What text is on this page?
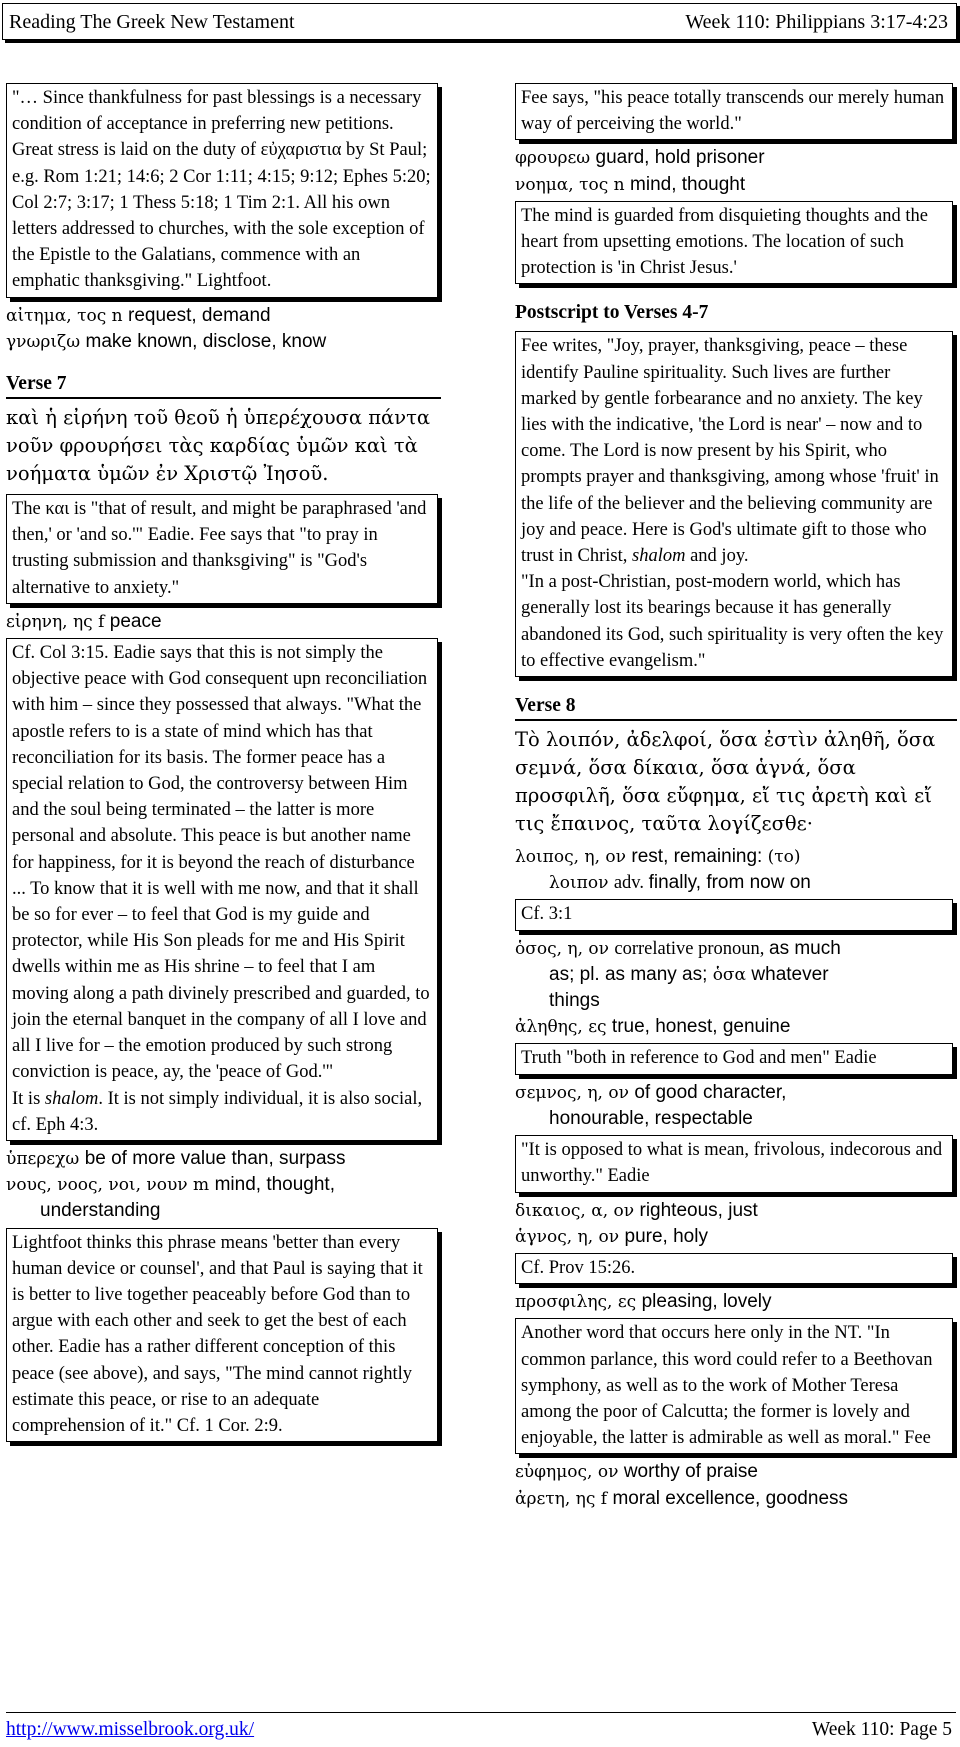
Reading The Greek New Testament	Week 110: Philippians 3:17-4:23
"… Since thankfulness for past blessings is a necessary condition of acceptance in preferring new petitions. Great stress is laid on the duty of εὐχαριστια by St Paul; e.g. Rom 1:21; 14:6; 2 Cor 1:11; 4:15; 9:12; Ephes 5:20; Col 2:7; 3:17; 1 Thess 5:18; 1 Tim 2:1. All his own letters addressed to churches, with the sole exception of the Epistle to the Galatians, commence with an emphatic thanksgiving." Lightfoot.
αἰτημα, τος n request, demand
γνωριζω make known, disclose, know
Verse 7
καὶ ἡ εἰρήνη τοῦ θεοῦ ἡ ὑπερέχουσα πάντα νοῦν φρουρήσει τὰς καρδίας ὑμῶν καὶ τὰ νοήματα ὑμῶν ἐν Χριστῷ Ἰησοῦ.
The και is "that of result, and might be paraphrased 'and then,' or 'and so.'" Eadie. Fee says that "to pray in trusting submission and thanksgiving" is "God's alternative to anxiety."
εἰρηνη, ης f peace
Cf. Col 3:15. Eadie says that this is not simply the objective peace with God consequent upn reconciliation with him – since they possessed that always. "What the apostle refers to is a state of mind which has that reconciliation for its basis. The former peace has a special relation to God, the controversy between Him and the soul being terminated – the latter is more personal and absolute. This peace is but another name for happiness, for it is beyond the reach of disturbance ... To know that it is well with me now, and that it shall be so for ever – to feel that God is my guide and protector, while His Son pleads for me and His Spirit dwells within me as His shrine – to feel that I am moving along a path divinely prescribed and guarded, to join the eternal banquet in the company of all I love and all I live for – the emotion produced by such strong conviction is peace, ay, the 'peace of God.'"
It is shalom. It is not simply individual, it is also social, cf. Eph 4:3.
ὑπερεχω be of more value than, surpass
νους, νοος, νοι, νουν m mind, thought,
understanding
Lightfoot thinks this phrase means 'better than every human device or counsel', and that Paul is saying that it is better to live together peaceably before God than to argue with each other and seek to get the best of each other. Eadie has a rather different conception of this peace (see above), and says, "The mind cannot rightly estimate this peace, or rise to an adequate comprehension of it." Cf. 1 Cor. 2:9.
Fee says, "his peace totally transcends our merely human way of perceiving the world."
φρουρεω guard, hold prisoner
νοημα, τος n mind, thought
The mind is guarded from disquieting thoughts and the heart from upsetting emotions. The location of such protection is 'in Christ Jesus.'
Postscript to Verses 4-7
Fee writes, "Joy, prayer, thanksgiving, peace – these identify Pauline spirituality. Such lives are further marked by gentle forbearance and no anxiety. The key lies with the indicative, 'the Lord is near' – now and to come. The Lord is now present by his Spirit, who prompts prayer and thanksgiving, among whose 'fruit' in the life of the believer and the believing community are joy and peace. Here is God's ultimate gift to those who trust in Christ, shalom and joy.
"In a post-Christian, post-modern world, which has generally lost its bearings because it has generally abandoned its God, such spirituality is very often the key to effective evangelism."
Verse 8
Τὸ λοιπόν, ἀδελφοί, ὅσα ἐστὶν ἀληθῆ, ὅσα σεμνά, ὅσα δίκαια, ὅσα ἁγνά, ὅσα προσφιλῆ, ὅσα εὔφημα, εἴ τις ἀρετὴ καὶ εἴ τις ἔπαινος, ταῦτα λογίζεσθε·
λοιπος, η, ον rest, remaining: (το)
λοιπον adv. finally, from now on
Cf. 3:1
ὁσος, η, ον correlative pronoun, as much
as; pl. as many as; ὁσα whatever
things
ἀληθης, ες true, honest, genuine
Truth "both in reference to God and men" Eadie
σεμνος, η, ον of good character,
honourable, respectable
"It is opposed to what is mean, frivolous, indecorous and unworthy." Eadie
δικαιος, α, ον righteous, just
ἁγνος, η, ον pure, holy
Cf. Prov 15:26.
προσφιλης, ες pleasing, lovely
Another word that occurs here only in the NT. "In common parlance, this word could refer to a Beethovan symphony, as well as to the work of Mother Teresa among the poor of Calcutta; the former is lovely and enjoyable, the latter is admirable as well as moral." Fee
εὐφημος, ον worthy of praise
ἀρετη, ης f moral excellence, goodness
http://www.misselbrook.org.uk/	Week 110: Page 5
